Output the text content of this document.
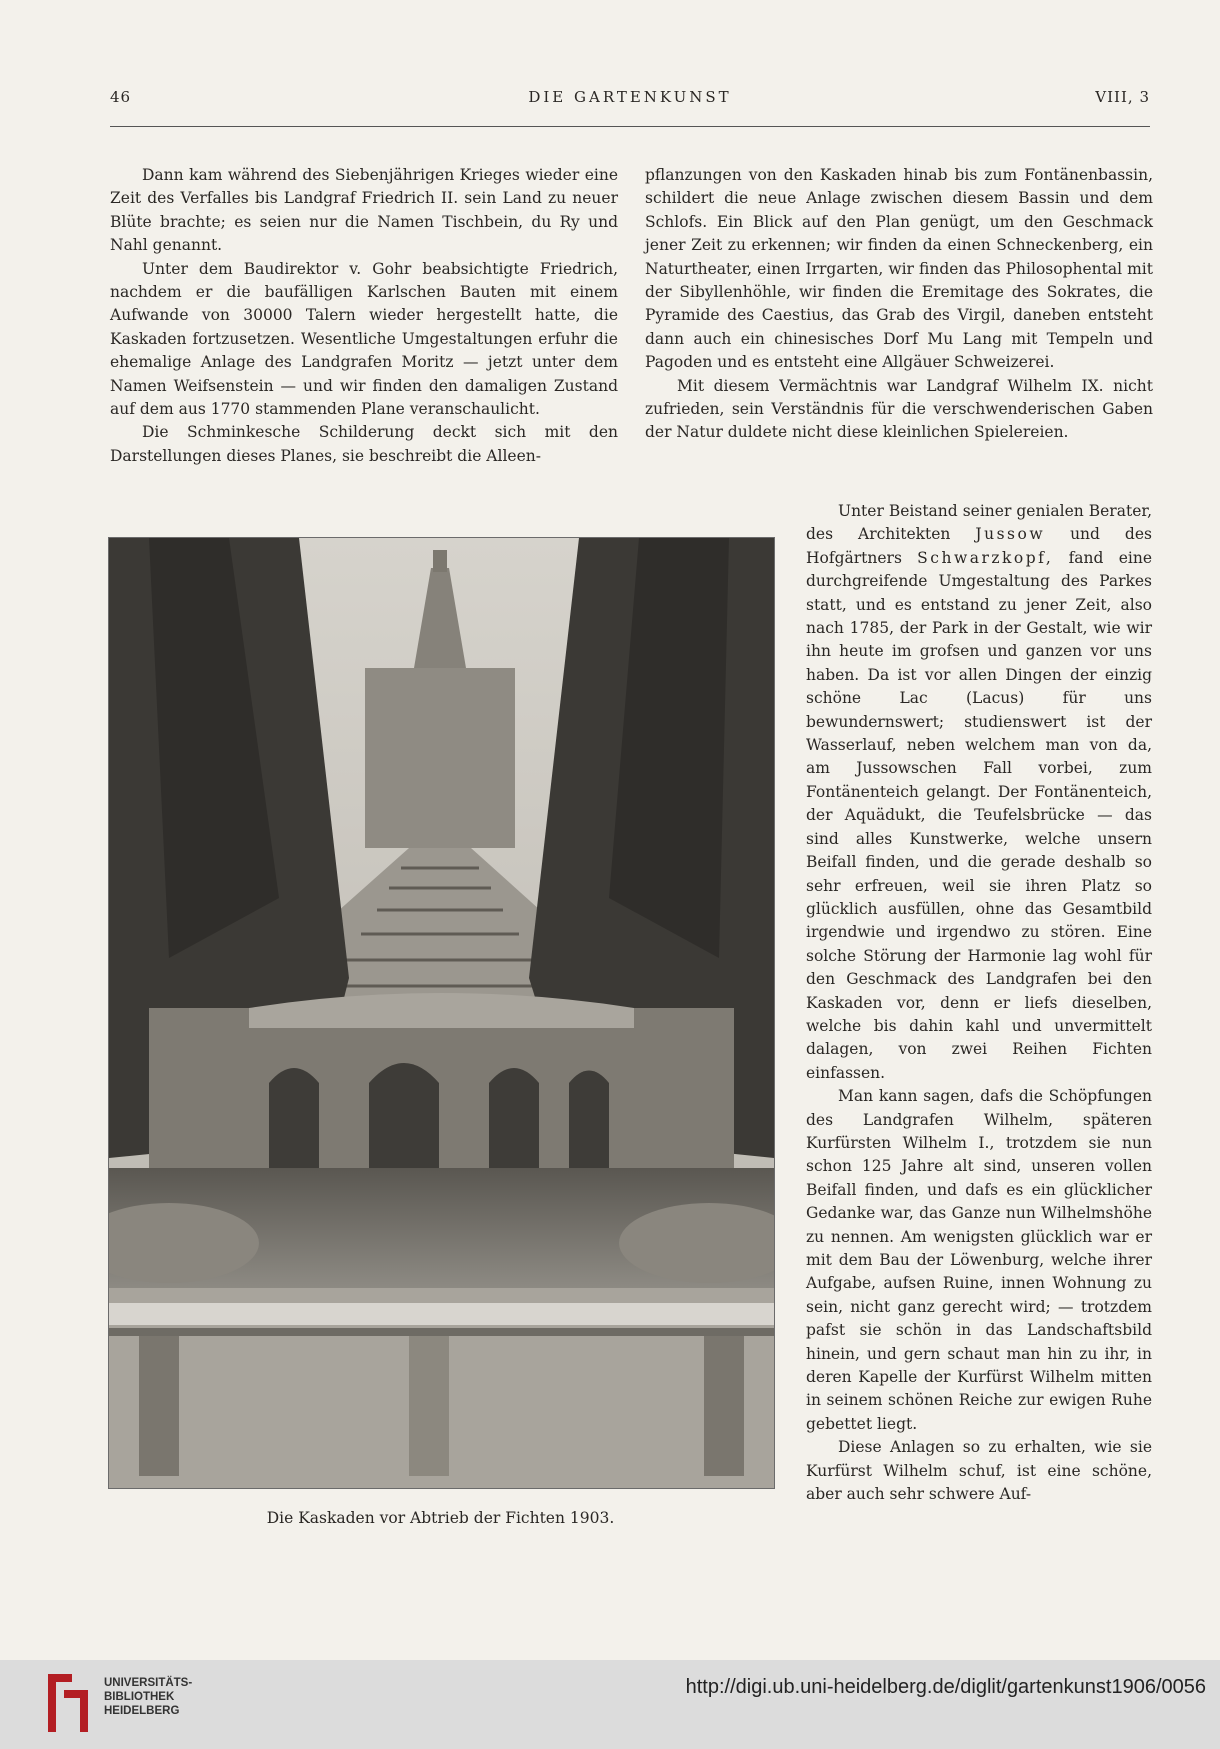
46	DIE GARTENKUNST	VIII, 3

Dann kam während des Siebenjährigen Krieges wieder eine Zeit des Verfalles bis Landgraf Friedrich II. sein Land zu neuer Blüte brachte; es seien nur die Namen Tischbein, du Ry und Nahl genannt.

Unter dem Baudirektor v. Gohr beabsichtigte Friedrich, nachdem er die baufälligen Karlschen Bauten mit einem Aufwande von 30000 Talern wieder hergestellt hatte, die Kaskaden fortzusetzen. Wesentliche Umgestaltungen erfuhr die ehemalige Anlage des Landgrafen Moritz — jetzt unter dem Namen Weifsenstein — und wir finden den damaligen Zustand auf dem aus 1770 stammenden Plane veranschaulicht.

Die Schminkesche Schilderung deckt sich mit den Darstellungen dieses Planes, sie beschreibt die Alleen-

pflanzungen von den Kaskaden hinab bis zum Fontänenbassin, schildert die neue Anlage zwischen diesem Bassin und dem Schlofs. Ein Blick auf den Plan genügt, um den Geschmack jener Zeit zu erkennen; wir finden da einen Schneckenberg, ein Naturtheater, einen Irrgarten, wir finden das Philosophental mit der Sibyllenhöhle, wir finden die Eremitage des Sokrates, die Pyramide des Caestius, das Grab des Virgil, daneben entsteht dann auch ein chinesisches Dorf Mu Lang mit Tempeln und Pagoden und es entsteht eine Allgäuer Schweizerei.

Mit diesem Vermächtnis war Landgraf Wilhelm IX. nicht zufrieden, sein Verständnis für die verschwenderischen Gaben der Natur duldete nicht diese kleinlichen Spielereien.

Unter Beistand seiner genialen Berater, des Architekten Jussow und des Hofgärtners Schwarzkopf, fand eine durchgreifende Umgestaltung des Parkes statt, und es entstand zu jener Zeit, also nach 1785, der Park in der Gestalt, wie wir ihn heute im grofsen und ganzen vor uns haben. Da ist vor allen Dingen der einzig schöne Lac (Lacus) für uns bewundernswert; studienswert ist der Wasserlauf, neben welchem man von da, am Jussowschen Fall vorbei, zum Fontänenteich gelangt. Der Fontänenteich, der Aquädukt, die Teufelsbrücke — das sind alles Kunstwerke, welche unsern Beifall finden, und die gerade deshalb so sehr erfreuen, weil sie ihren Platz so glücklich ausfüllen, ohne das Gesamtbild irgendwie und irgendwo zu stören. Eine solche Störung der Harmonie lag wohl für den Geschmack des Landgrafen bei den Kaskaden vor, denn er liefs dieselben, welche bis dahin kahl und unvermittelt dalagen, von zwei Reihen Fichten einfassen.

Man kann sagen, dafs die Schöpfungen des Landgrafen Wilhelm, späteren Kurfürsten Wilhelm I., trotzdem sie nun schon 125 Jahre alt sind, unseren vollen Beifall finden, und dafs es ein glücklicher Gedanke war, das Ganze nun Wilhelmshöhe zu nennen. Am wenigsten glücklich war er mit dem Bau der Löwenburg, welche ihrer Aufgabe, aufsen Ruine, innen Wohnung zu sein, nicht ganz gerecht wird; — trotzdem pafst sie schön in das Landschaftsbild hinein, und gern schaut man hin zu ihr, in deren Kapelle der Kurfürst Wilhelm mitten in seinem schönen Reiche zur ewigen Ruhe gebettet liegt.

Diese Anlagen so zu erhalten, wie sie Kurfürst Wilhelm schuf, ist eine schöne, aber auch sehr schwere Auf-

Die Kaskaden vor Abtrieb der Fichten 1903.
UNIVERSITÄTS-
BIBLIOTHEK
HEIDELBERG
http://digi.ub.uni-heidelberg.de/diglit/gartenkunst1906/0056
